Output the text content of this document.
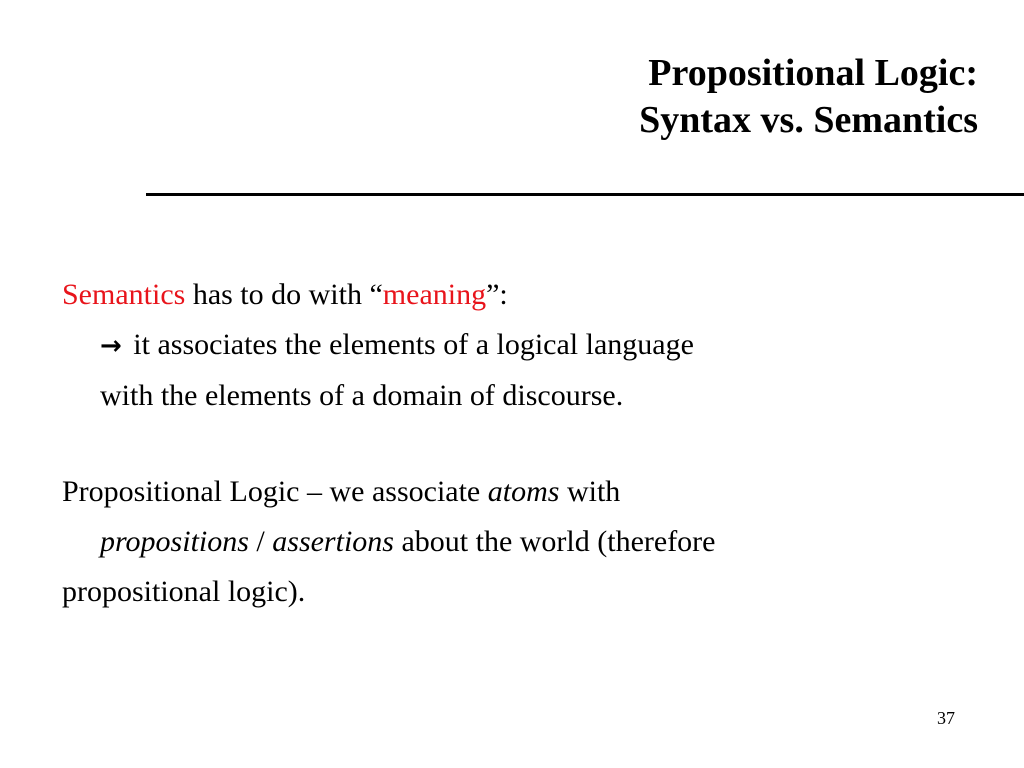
Propositional Logic:
Syntax vs. Semantics

Semantics has to do with “meaning”:

→ it associates the elements of a logical language
with the elements of a domain of discourse.
Propositional Logic – we associate atoms with
propositions / assertions about the world (therefore
propositional logic).
37
